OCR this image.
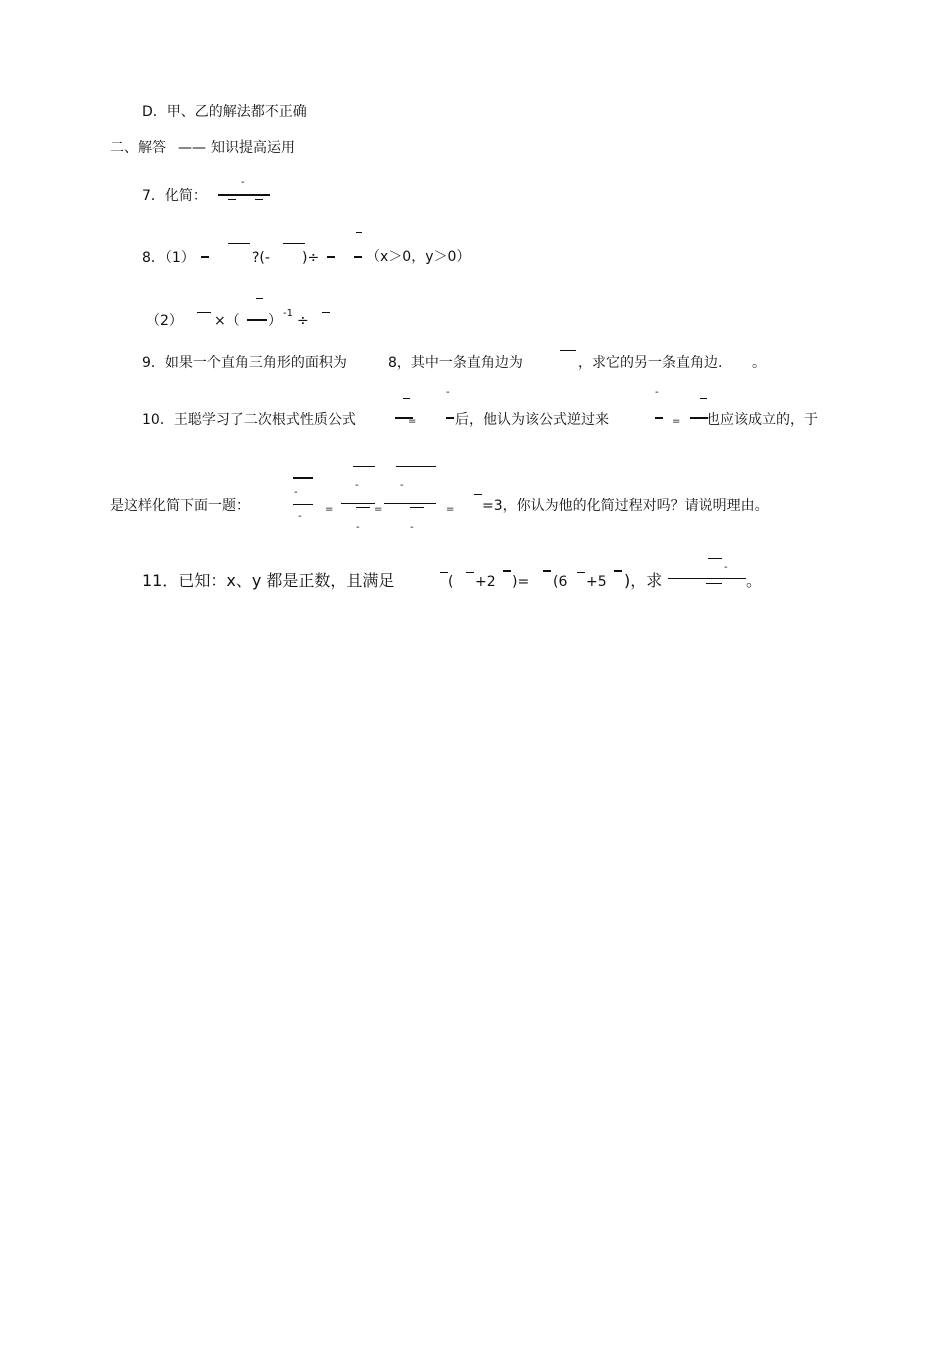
D．甲、乙的解法都不正确
二、解答 —— 知识提高运用
7．化简：
-
8．（1）	?(- )÷	（x＞0，y＞0）
（2） ×（ ） -1 ÷
9．如果一个直角三角形的面积为	8，其中一条直角边为	，求它的另一条直角边. 。
10．王聪学习了二次根式性质公式	=
-
后，他认为该公式逆过来
-
= 也应该成立的，于
是这样化简下面一题：
-
-
=
-
-
=
-
-
= =3，你认为他的化简过程对吗？请说明理由。
11．已知：x、y 都是正数，且满足	( +2 )= (6 +5 )，求
-
。
